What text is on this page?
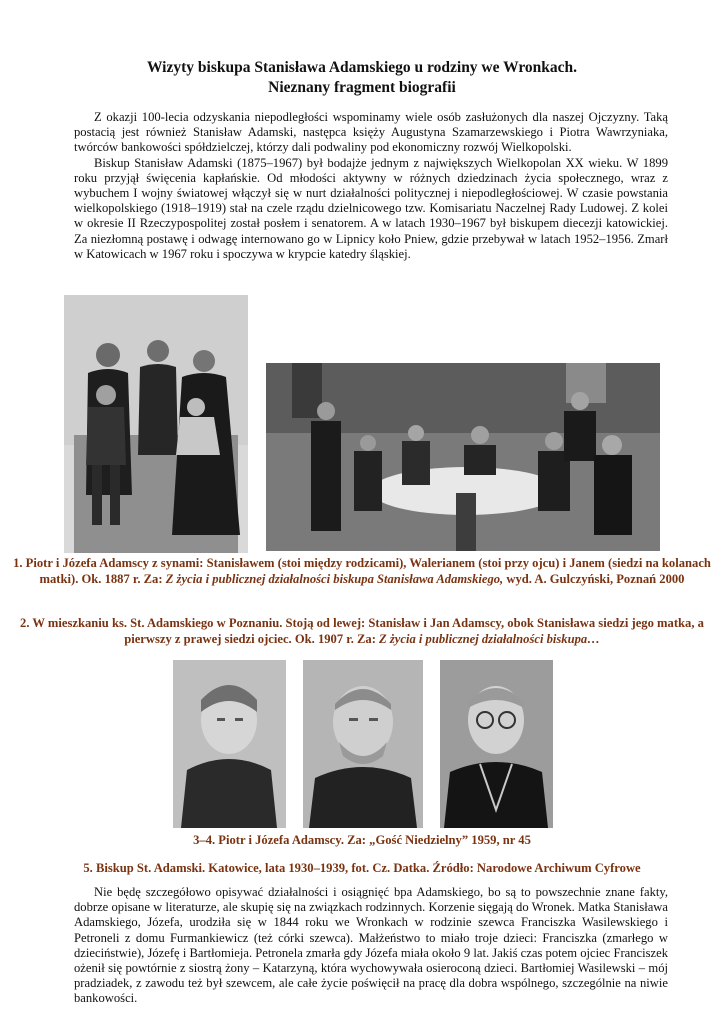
Wizyty biskupa Stanisława Adamskiego u rodziny we Wronkach.
Nieznany fragment biografii

Z okazji 100-lecia odzyskania niepodległości wspominamy wiele osób zasłużonych dla naszej Ojczyzny. Taką postacią jest również Stanisław Adamski, następca księży Augustyna Szamarzewskiego i Piotra Wawrzyniaka, twórców bankowości spółdzielczej, którzy dali podwaliny pod ekonomiczny rozwój Wielkopolski.

Biskup Stanisław Adamski (1875–1967) był bodajże jednym z największych Wielkopolan XX wieku. W 1899 roku przyjął święcenia kapłańskie. Od młodości aktywny w różnych dziedzinach życia społecznego, wraz z wybuchem I wojny światowej włączył się w nurt działalności politycznej i niepodległościowej. W czasie powstania wielkopolskiego (1918–1919) stał na czele rządu dzielnicowego tzw. Komisariatu Naczelnej Rady Ludowej. Z kolei w okresie II Rzeczypospolitej został posłem i senatorem. A w latach 1930–1967 był biskupem diecezji katowickiej. Za niezłomną postawę i odwagę internowano go w Lipnicy koło Pniew, gdzie przebywał w latach 1952–1956. Zmarł w Katowicach w 1967 roku i spoczywa w krypcie katedry śląskiej.

1. Piotr i Józefa Adamscy z synami: Stanisławem (stoi między rodzicami), Walerianem (stoi przy ojcu) i Janem (siedzi na kolanach matki). Ok. 1887 r. Za: Z życia i publicznej działalności biskupa Stanisława Adamskiego, wyd. A. Gulczyński, Poznań 2000
2. W mieszkaniu ks. St. Adamskiego w Poznaniu. Stoją od lewej: Stanisław i Jan Adamscy, obok Stanisława siedzi jego matka, a pierwszy z prawej siedzi ojciec. Ok. 1907 r. Za: Z życia i publicznej działalności biskupa…
3–4. Piotr i Józefa Adamscy. Za: „Gość Niedzielny” 1959, nr 45
5. Biskup St. Adamski. Katowice, lata 1930–1939, fot. Cz. Datka. Źródło: Narodowe Archiwum Cyfrowe

Nie będę szczegółowo opisywać działalności i osiągnięć bpa Adamskiego, bo są to powszechnie znane fakty, dobrze opisane w literaturze, ale skupię się na związkach rodzinnych. Korzenie sięgają do Wronek. Matka Stanisława Adamskiego, Józefa, urodziła się w 1844 roku we Wronkach w rodzinie szewca Franciszka Wasilewskiego i Petroneli z domu Furmankiewicz (też córki szewca). Małżeństwo to miało troje dzieci: Franciszka (zmarłego w dzieciństwie), Józefę i Bartłomieja. Petronela zmarła gdy Józefa miała około 9 lat. Jakiś czas potem ojciec Franciszek ożenił się powtórnie z siostrą żony – Katarzyną, która wychowywała osieroconą dzieci. Bartłomiej Wasilewski – mój pradziadek, z zawodu też był szewcem, ale całe życie poświęcił na pracę dla dobra wspólnego, szczególnie na niwie bankowości.
